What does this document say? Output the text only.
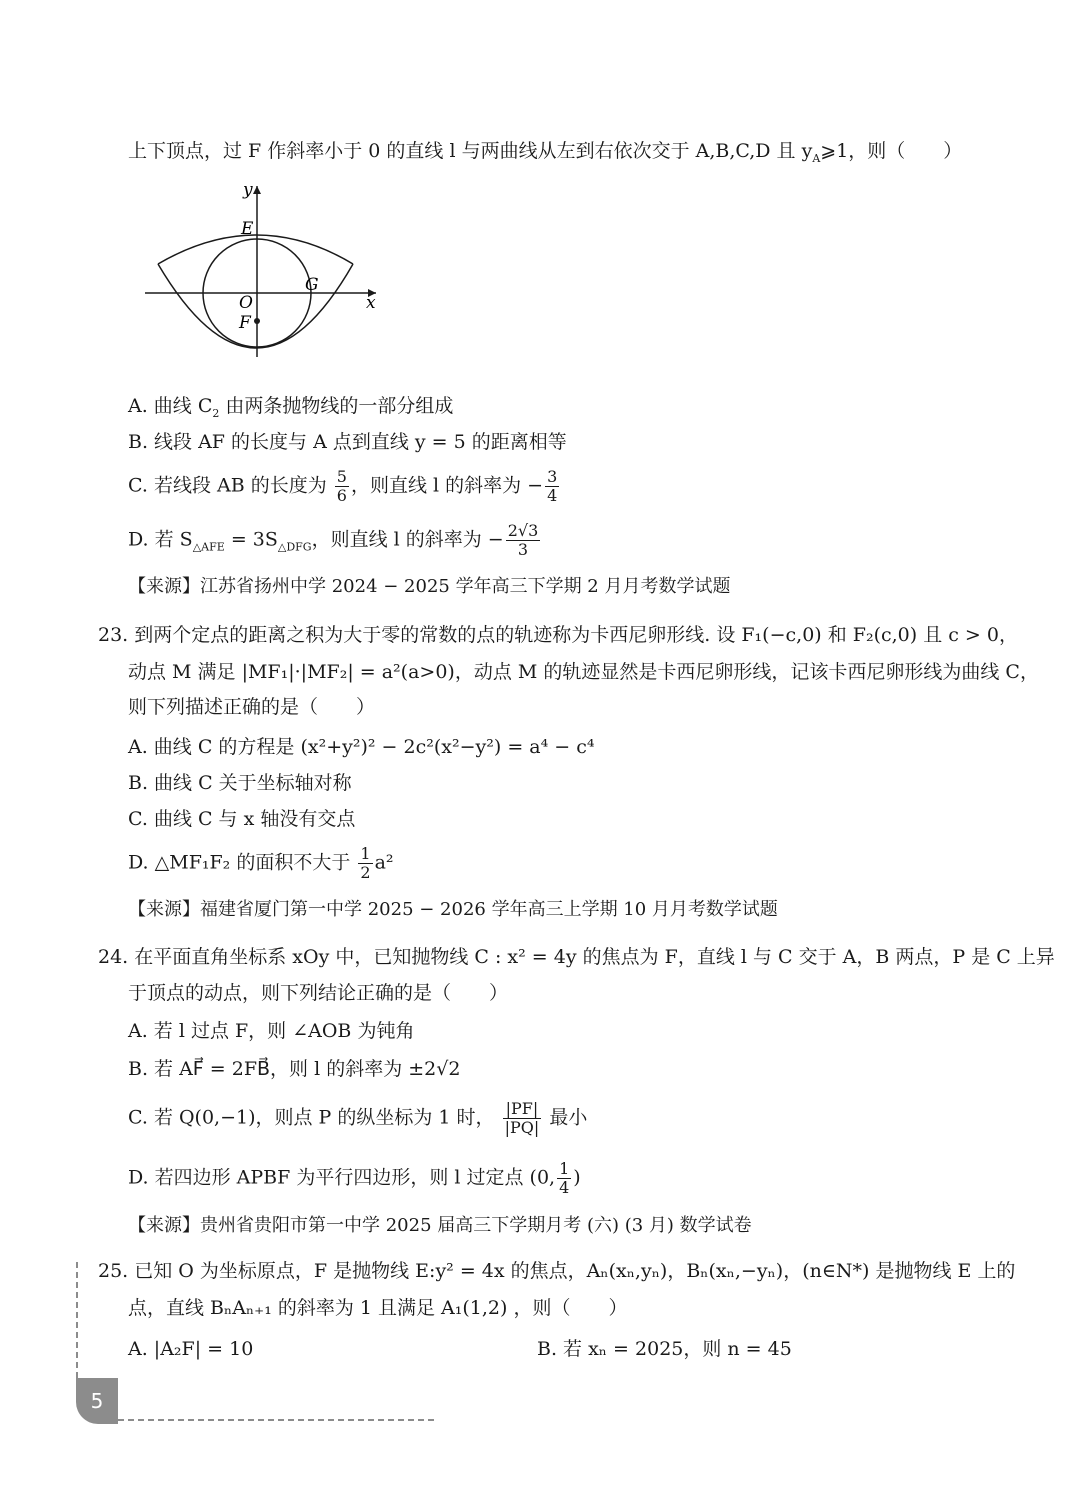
上下顶点，过 F 作斜率小于 0 的直线 l 与两曲线从左到右依次交于 A,B,C,D 且 $y_A⩾1$，则（　　）
y
x
E
G
O
F
A. 曲线 $C_2$ 由两条抛物线的一部分组成
B. 线段 AF 的长度与 A 点到直线 y = 5 的距离相等
C. 若线段 AB 的长度为 $\frac{5}{6}$ ，则直线 l 的斜率为 − $\frac{3}{4}$
D. 若 $S_{\triangle AFE} = 3S_{\triangle DFG}$，则直线 l 的斜率为 − $\frac{2√3}{3}$
【来源】江苏省扬州中学 2024 − 2025 学年高三下学期 2 月月考数学试题
23. 到两个定点的距离之积为大于零的常数的点的轨迹称为卡西尼卵形线. 设 F₁(−c,0) 和 F₂(c,0) 且 c > 0，
动点 M 满足 |MF₁|·|MF₂| = a²(a>0)，动点 M 的轨迹显然是卡西尼卵形线，记该卡西尼卵形线为曲线 C，
则下列描述正确的是（　　）
A. 曲线 C 的方程是 (x²+y²)² − 2c²(x²−y²) = a⁴ − c⁴
B. 曲线 C 关于坐标轴对称
C. 曲线 C 与 x 轴没有交点
D. △MF₁F₂ 的面积不大于 $\frac{1}{2} a^2$
【来源】福建省厦门第一中学 2025 − 2026 学年高三上学期 10 月月考数学试题
24. 在平面直角坐标系 xOy 中，已知抛物线 C : x² = 4y 的焦点为 F，直线 l 与 C 交于 A，B 两点，P 是 C 上异
于顶点的动点，则下列结论正确的是（　　）
A. 若 l 过点 F，则 ∠AOB 为钝角
B. 若 AF⃗ = 2FB⃗，则 l 的斜率为 ±2√2
C. 若 Q(0,−1)，则点 P 的纵坐标为 1 时， $\frac{|PF|}{|PQ|}$ 最小
D. 若四边形 APBF 为平行四边形，则 l 过定点 (0, $\frac{1}{4}$ )
【来源】贵州省贵阳市第一中学 2025 届高三下学期月考 (六) (3 月) 数学试卷
25. 已知 O 为坐标原点，F 是抛物线 E:y² = 4x 的焦点，Aₙ(xₙ,yₙ)，Bₙ(xₙ,−yₙ)，(n∈N*) 是抛物线 E 上的
点，直线 BₙAₙ₊₁ 的斜率为 1 且满足 A₁(1,2) ，则（　　）
A. |A₂F| = 10	B. 若 xₙ = 2025，则 n = 45
5
